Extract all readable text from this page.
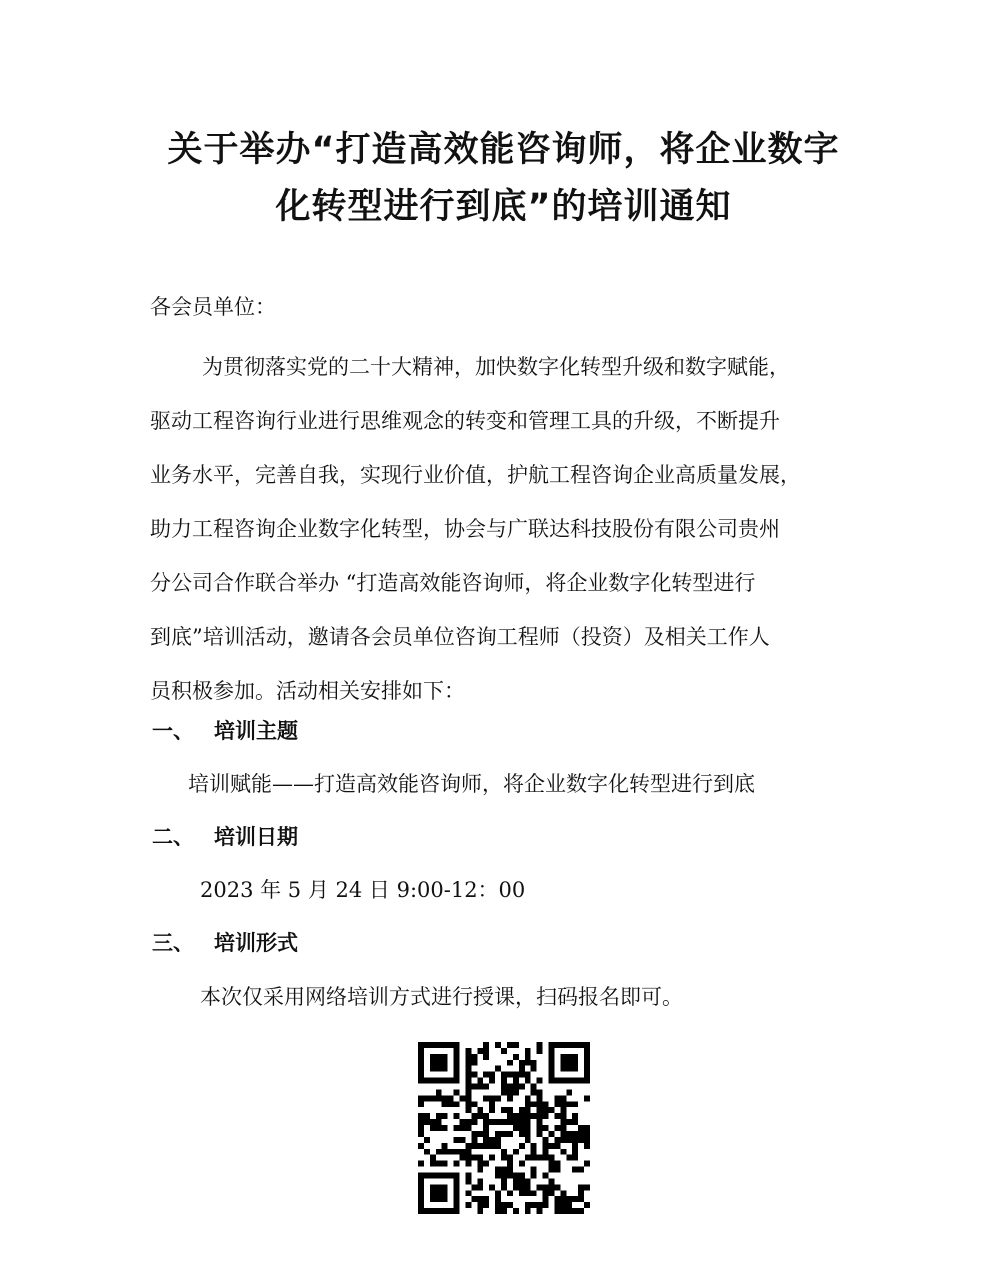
关于举办“打造高效能咨询师，将企业数字
化转型进行到底”的培训通知
各会员单位：

为贯彻落实党的二十大精神，加快数字化转型升级和数字赋能，
驱动工程咨询行业进行思维观念的转变和管理工具的升级，不断提升
业务水平，完善自我，实现行业价值，护航工程咨询企业高质量发展，
助力工程咨询企业数字化转型，协会与广联达科技股份有限公司贵州
分公司合作联合举办 “打造高效能咨询师，将企业数字化转型进行
到底”培训活动，邀请各会员单位咨询工程师（投资）及相关工作人
员积极参加。活动相关安排如下：

一、 培训主题
培训赋能——打造高效能咨询师，将企业数字化转型进行到底
二、 培训日期
2023 年 5 月 24 日 9:00-12：00
三、 培训形式
本次仅采用网络培训方式进行授课，扫码报名即可。
